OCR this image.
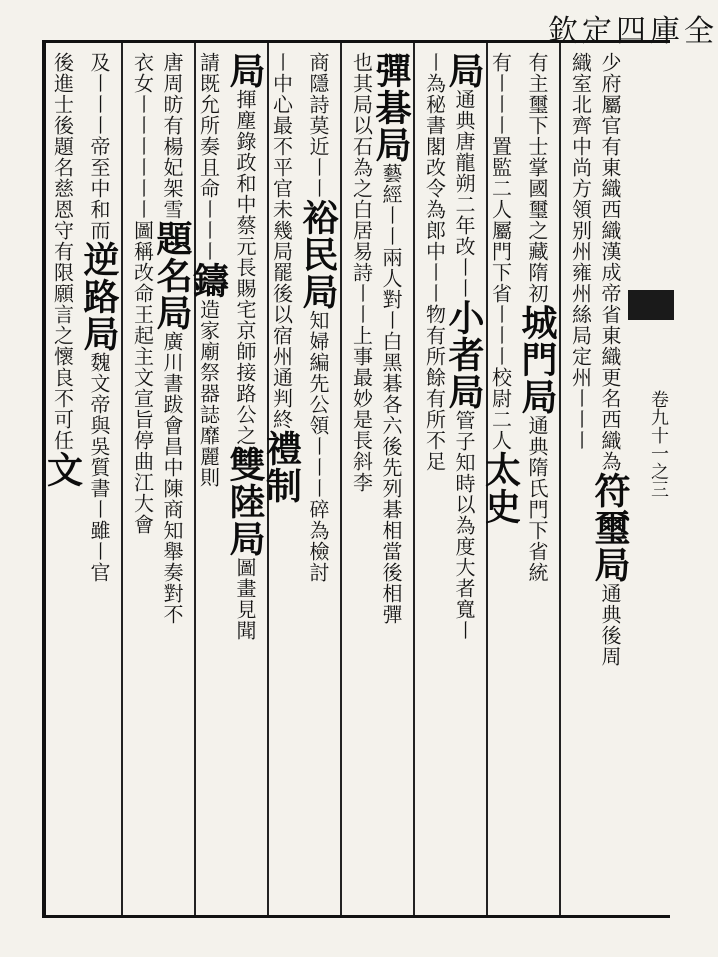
欽定四庫全
卷九十一之三
少府屬官有東織西織漢成帝省東織更名西織為符璽局通典後周
織室北齊中尚方領别州雍州絲局定州〡〡〡
有主璽下士掌國璽之藏隋初城門局通典隋氏門下省統
有〡〡〡置監二人屬門下省〡〡〡校尉二人太史
局通典唐龍朔二年改〡〡小者局管子知時以為度大者寬〡
〡為秘書閣改令為郎中〡〡物有所餘有所不足
彈碁局藝經〡〡兩人對〡白黑碁各六後先列碁相當後相彈
也其局以石為之白居易詩〡〡上事最妙是長斜李
商隱詩莫近〡〡裕民局知婦編先公領〡〡〡碎為檢討
〡中心最不平官未幾局罷後以宿州通判終禮制
局揮塵錄政和中蔡元長賜宅京師接路公之雙陸局圖畫見聞
請既允所奏且命〡〡〡鑄造家廟祭器誌靡麗則
唐周昉有楊妃架雪題名局廣川書跋會昌中陳商知舉奏對不
衣女〡〡〡〡〡〡圖稱改命王起主文宣旨停曲江大會
及〡〡〡帝至中和而逆路局魏文帝與吳質書〡雖〡官
後進士後題名慈恩守有限願言之懷良不可任文
